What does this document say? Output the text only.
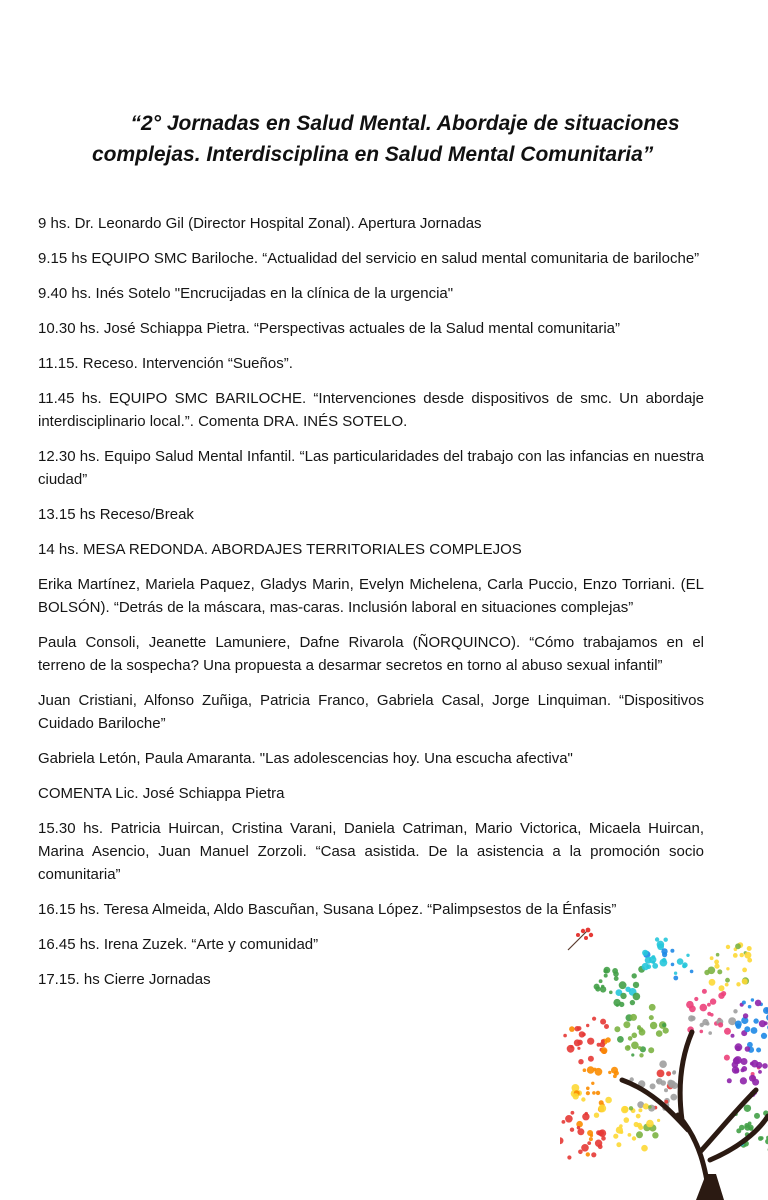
“2° Jornadas en Salud Mental. Abordaje de situaciones
complejas. Interdisciplina en Salud Mental Comunitaria”
9 hs. Dr. Leonardo Gil (Director Hospital Zonal). Apertura Jornadas
9.15 hs EQUIPO SMC Bariloche. “Actualidad del servicio en salud mental comunitaria de bariloche”
9.40 hs. Inés Sotelo "Encrucijadas en la clínica de la urgencia"
10.30 hs. José Schiappa Pietra. “Perspectivas actuales de la Salud mental comunitaria”
11.15. Receso. Intervención “Sueños”.
11.45 hs. EQUIPO SMC BARILOCHE. “Intervenciones desde dispositivos de smc. Un abordaje interdisciplinario local.”. Comenta DRA. INÉS SOTELO.
12.30 hs. Equipo Salud Mental Infantil. “Las particularidades del trabajo con las infancias en nuestra ciudad”
13.15 hs Receso/Break
14 hs. MESA REDONDA. ABORDAJES TERRITORIALES COMPLEJOS
Erika Martínez, Mariela Paquez, Gladys Marin, Evelyn Michelena, Carla Puccio, Enzo Torriani. (EL BOLSÓN). “Detrás de la máscara, mas-caras. Inclusión laboral en situaciones complejas”
Paula Consoli, Jeanette Lamuniere, Dafne Rivarola (ÑORQUINCO). “Cómo trabajamos en el terreno de la sospecha? Una propuesta a desarmar secretos en torno al abuso sexual infantil”
Juan Cristiani, Alfonso Zuñiga, Patricia Franco, Gabriela Casal, Jorge Linquiman. “Dispositivos Cuidado Bariloche”
Gabriela Letón, Paula Amaranta. "Las adolescencias hoy. Una escucha afectiva"
COMENTA Lic. José Schiappa Pietra
15.30 hs. Patricia Huircan, Cristina Varani, Daniela Catriman, Mario Victorica, Micaela Huircan, Marina Asencio, Juan Manuel Zorzoli. “Casa asistida. De la asistencia a la promoción socio comunitaria”
16.15 hs. Teresa Almeida, Aldo Bascuñan, Susana López. “Palimpsestos de la Énfasis”
16.45 hs. Irena Zuzek. “Arte y comunidad”
17.15. hs Cierre Jornadas
